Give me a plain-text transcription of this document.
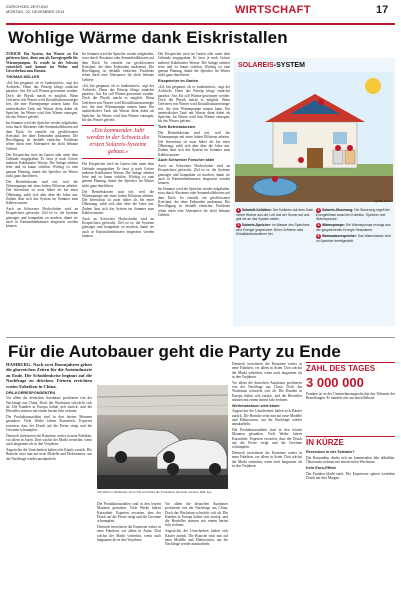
ZÜRICHSEE-ZEITUNG
MONTAG, 22. DEZEMBER 2014	WIRTSCHAFT	17
Wohlige Wärme dank Eiskristallen

ZÜRICH. Ein System, das Wasser zu Eis gefrieren lässt, dient neu als Energiequelle für Wärmepumpen. Es wurde in der Schweiz entwickelt und kommt im Wohn- und Gewerbebau zum Einsatz.

THOMAS MÜLLER

«Ich bin gespannt, ob es funktioniert», sagt der Architekt. Denn das Prinzip klingt zunächst paradox: Aus Eis soll Wärme gewonnen werden. Doch die Physik macht es möglich. Beim Gefrieren von Wasser wird Kristallisationsenergie frei, die eine Wärmepumpe nutzen kann. Ein unterirdischer Tank mit Wasser dient dabei als Speicher. Im Winter wird ihm Wärme entzogen, bis das Wasser gefriert.

Im Sommer wird der Speicher wieder aufgeladen, etwa durch Abwärme oder Sonnenkollektoren auf dem Dach. So entsteht ein geschlossener Kreislauf, der ohne Erdsonden auskommt. Die Bewilligung ist deshalb einfacher. Fachleute sehen darin eine Alternative für dicht bebaute Gebiete.

Der Eisspeicher wird im Garten oder unter dem Gebäude eingegraben. Er fasst je nach Grösse mehrere Kubikmeter Wasser. Die Anlage arbeitet leise und ist kaum sichtbar. Wichtig ist eine genaue Planung, damit der Speicher im Winter nicht ganz durchfriert.

Die Betriebskosten sind tief, weil die Wärmepumpe mit einer hohen Effizienz arbeitet. Die Investition ist zwar höher als bei einer Ölheizung, zahlt sich aber über die Jahre aus. Zudem lässt sich das System im Sommer zum Kühlen nutzen.

Auch an Schweizer Hochschulen wird an Eisspeichern geforscht. Ziel ist es, die Systeme günstiger und kompakter zu machen, damit sie auch in Einfamilienhäusern eingesetzt werden können.

Im Sommer wird der Speicher wieder aufgeladen, etwa durch Abwärme oder Sonnenkollektoren auf dem Dach. So entsteht ein geschlossener Kreislauf, der ohne Erdsonden auskommt. Die Bewilligung ist deshalb einfacher. Fachleute sehen darin eine Alternative für dicht bebaute Gebiete.

«Ich bin gespannt, ob es funktioniert», sagt der Architekt. Denn das Prinzip klingt zunächst paradox: Aus Eis soll Wärme gewonnen werden. Doch die Physik macht es möglich. Beim Gefrieren von Wasser wird Kristallisationsenergie frei, die eine Wärmepumpe nutzen kann. Ein unterirdischer Tank mit Wasser dient dabei als Speicher. Im Winter wird ihm Wärme entzogen, bis das Wasser gefriert.

«Ein kommender Jahr werden in der Schweiz die ersten Solareis-Systeme gebaut.»

Der Eisspeicher wird im Garten oder unter dem Gebäude eingegraben. Er fasst je nach Grösse mehrere Kubikmeter Wasser. Die Anlage arbeitet leise und ist kaum sichtbar. Wichtig ist eine genaue Planung, damit der Speicher im Winter nicht ganz durchfriert.

Die Betriebskosten sind tief, weil die Wärmepumpe mit einer hohen Effizienz arbeitet. Die Investition ist zwar höher als bei einer Ölheizung, zahlt sich aber über die Jahre aus. Zudem lässt sich das System im Sommer zum Kühlen nutzen.

Auch an Schweizer Hochschulen wird an Eisspeichern geforscht. Ziel ist es, die Systeme günstiger und kompakter zu machen, damit sie auch in Einfamilienhäusern eingesetzt werden können.

Der Eisspeicher wird im Garten oder unter dem Gebäude eingegraben. Er fasst je nach Grösse mehrere Kubikmeter Wasser. Die Anlage arbeitet leise und ist kaum sichtbar. Wichtig ist eine genaue Planung, damit der Speicher im Winter nicht ganz durchfriert.

Eisspeicher im Garten

«Ich bin gespannt, ob es funktioniert», sagt der Architekt. Denn das Prinzip klingt zunächst paradox: Aus Eis soll Wärme gewonnen werden. Doch die Physik macht es möglich. Beim Gefrieren von Wasser wird Kristallisationsenergie frei, die eine Wärmepumpe nutzen kann. Ein unterirdischer Tank mit Wasser dient dabei als Speicher. Im Winter wird ihm Wärme entzogen, bis das Wasser gefriert.

Tiefe Betriebskosten

Die Betriebskosten sind tief, weil die Wärmepumpe mit einer hohen Effizienz arbeitet. Die Investition ist zwar höher als bei einer Ölheizung, zahlt sich aber über die Jahre aus. Zudem lässt sich das System im Sommer zum Kühlen nutzen.

Auch Schweizer Forscher aktiv

Auch an Schweizer Hochschulen wird an Eisspeichern geforscht. Ziel ist es, die Systeme günstiger und kompakter zu machen, damit sie auch in Einfamilienhäusern eingesetzt werden können.

Im Sommer wird der Speicher wieder aufgeladen, etwa durch Abwärme oder Sonnenkollektoren auf dem Dach. So entsteht ein geschlossener Kreislauf, der ohne Erdsonden auskommt. Die Bewilligung ist deshalb einfacher. Fachleute sehen darin eine Alternative für dicht bebaute Gebiete.

SOLAREIS-SYSTEM
Quelle: Isocal
1 Solarluft-Kollektor: Der Kollektor auf dem Dach nimmt Wärme aus der Luft und der Sonne auf und gibt sie an das System weiter.
2 Solareis-Speicher: Im Wasser des Speichers wird Energie gespeichert. Beim Gefrieren wird Kristallisationswärme frei.
3 Solareis-Steuerung: Die Steuerung regelt die Energieflüsse zwischen Kollektor, Speicher und Wärmepumpe.
4 Wärmepumpe: Die Wärmepumpe erzeugt aus der gespeicherten Energie Heizwärme.
5 Warmwasserspeicher: Das Warmwasser wird im Speicher bereitgestellt.
Für die Autobauer geht die Party zu Ende

HAMBURG. Nach zwei Boomjahren gehen die glorreichen Zeiten für die Autoindustrie zu Ende. Die Schuldenkrise beginnt auf die Nachfrage zu drücken. Firmen errichten weiter Fabriken in China.

DPA-KORRESPONDENTEN

Vor allem die deutschen Autobauer profitieren von der Nachfrage aus China. Doch das Wachstum schwächt sich ab. Die Kunden in Europa halten sich zurück, und die Hersteller müssen mit einem harten Jahr rechnen.

Die Produktionszahlen sind in den letzten Monaten gesunken. Viele Werke fahren Kurzarbeit. Experten erwarten, dass der Druck auf die Preise steigt und die Gewinne schrumpfen.

Dennoch investieren die Konzerne weiter in neue Fabriken, vor allem in Asien. Dort wächst der Markt weiterhin, wenn auch langsamer als in den Vorjahren.

Angesichts der Unsicherheit halten sich Käufer zurück. Die Branche setzt nun auf neue Modelle und Elektroautos, um die Nachfrage wieder anzukurbeln.

VW-Werk in Wolfsburg: Auch VW wird 2012 die Produktion drosseln müssen. Bild: key

Die Produktionszahlen sind in den letzten Monaten gesunken. Viele Werke fahren Kurzarbeit. Experten erwarten, dass der Druck auf die Preise steigt und die Gewinne schrumpfen.

Dennoch investieren die Konzerne weiter in neue Fabriken, vor allem in Asien. Dort wächst der Markt weiterhin, wenn auch langsamer als in den Vorjahren.

Vor allem die deutschen Autobauer profitieren von der Nachfrage aus China. Doch das Wachstum schwächt sich ab. Die Kunden in Europa halten sich zurück, und die Hersteller müssen mit einem harten Jahr rechnen.

Angesichts der Unsicherheit halten sich Käufer zurück. Die Branche setzt nun auf neue Modelle und Elektroautos, um die Nachfrage wieder anzukurbeln.

Dennoch investieren die Konzerne weiter in neue Fabriken, vor allem in Asien. Dort wächst der Markt weiterhin, wenn auch langsamer als in den Vorjahren.

Vor allem die deutschen Autobauer profitieren von der Nachfrage aus China. Doch das Wachstum schwächt sich ab. Die Kunden in Europa halten sich zurück, und die Hersteller müssen mit einem harten Jahr rechnen.

Weiterwachsen wird klarer

Angesichts der Unsicherheit halten sich Käufer zurück. Die Branche setzt nun auf neue Modelle und Elektroautos, um die Nachfrage wieder anzukurbeln.

Die Produktionszahlen sind in den letzten Monaten gesunken. Viele Werke fahren Kurzarbeit. Experten erwarten, dass der Druck auf die Preise steigt und die Gewinne schrumpfen.

Dennoch investieren die Konzerne weiter in neue Fabriken, vor allem in Asien. Dort wächst der Markt weiterhin, wenn auch langsamer als in den Vorjahren.

ZAHL DES TAGES
3 000 000
Franken ist in der Unternehmensgeschichte das Volumen der Bestellungen. Es handelt sich um einen Rekord.
IN KÜRZE

Rezession in der Schweiz?

Die Konjunktur dürfte sich im kommenden Jahr abkühlen. Ökonomen rechnen mit einem tiefen Wachstum.

Kein Euro-Effekt

Der Franken bleibt stark. Die Exporteure spüren weiterhin Druck auf ihre Margen.
